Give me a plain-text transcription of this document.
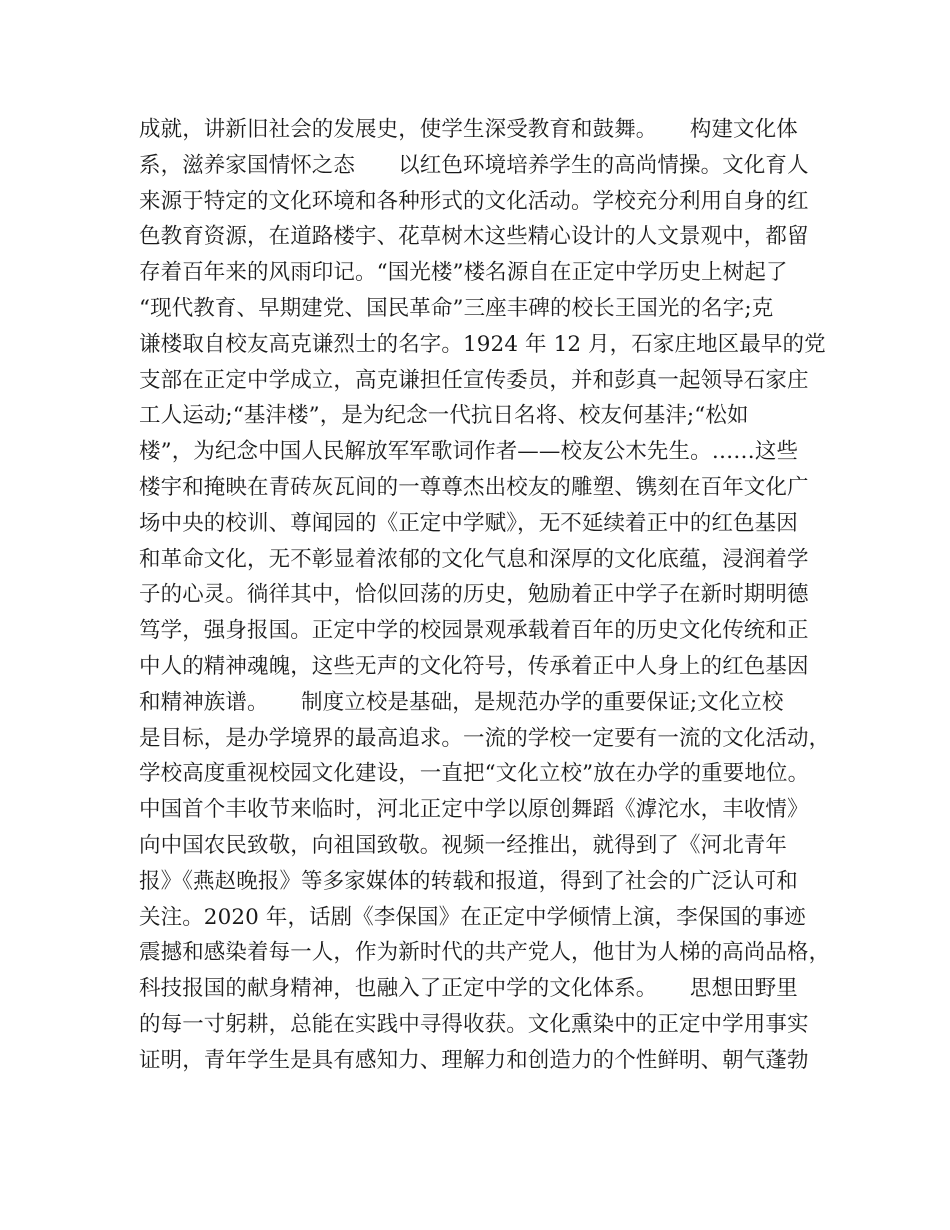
成就，讲新旧社会的发展史，使学生深受教育和鼓舞。　　构建文化体
系，滋养家国情怀之态　　以红色环境培养学生的高尚情操。文化育人
来源于特定的文化环境和各种形式的文化活动。学校充分利用自身的红
色教育资源，在道路楼宇、花草树木这些精心设计的人文景观中，都留
存着百年来的风雨印记。“国光楼”楼名源自在正定中学历史上树起了
“现代教育、早期建党、国民革命”三座丰碑的校长王国光的名字;克
谦楼取自校友高克谦烈士的名字。1924 年 12 月，石家庄地区最早的党
支部在正定中学成立，高克谦担任宣传委员，并和彭真一起领导石家庄
工人运动;“基沣楼”，是为纪念一代抗日名将、校友何基沣;“松如
楼”，为纪念中国人民解放军军歌词作者——校友公木先生。……这些
楼宇和掩映在青砖灰瓦间的一尊尊杰出校友的雕塑、镌刻在百年文化广
场中央的校训、尊闻园的《正定中学赋》，无不延续着正中的红色基因
和革命文化，无不彰显着浓郁的文化气息和深厚的文化底蕴，浸润着学
子的心灵。徜徉其中，恰似回荡的历史，勉励着正中学子在新时期明德
笃学，强身报国。正定中学的校园景观承载着百年的历史文化传统和正
中人的精神魂魄，这些无声的文化符号，传承着正中人身上的红色基因
和精神族谱。　　制度立校是基础，是规范办学的重要保证;文化立校
是目标，是办学境界的最高追求。一流的学校一定要有一流的文化活动，
学校高度重视校园文化建设，一直把“文化立校”放在办学的重要地位。
中国首个丰收节来临时，河北正定中学以原创舞蹈《滹沱水，丰收情》
向中国农民致敬，向祖国致敬。视频一经推出，就得到了《河北青年
报》《燕赵晚报》等多家媒体的转载和报道，得到了社会的广泛认可和
关注。2020 年，话剧《李保国》在正定中学倾情上演，李保国的事迹
震撼和感染着每一人，作为新时代的共产党人，他甘为人梯的高尚品格，
科技报国的献身精神，也融入了正定中学的文化体系。　　思想田野里
的每一寸躬耕，总能在实践中寻得收获。文化熏染中的正定中学用事实
证明，青年学生是具有感知力、理解力和创造力的个性鲜明、朝气蓬勃
